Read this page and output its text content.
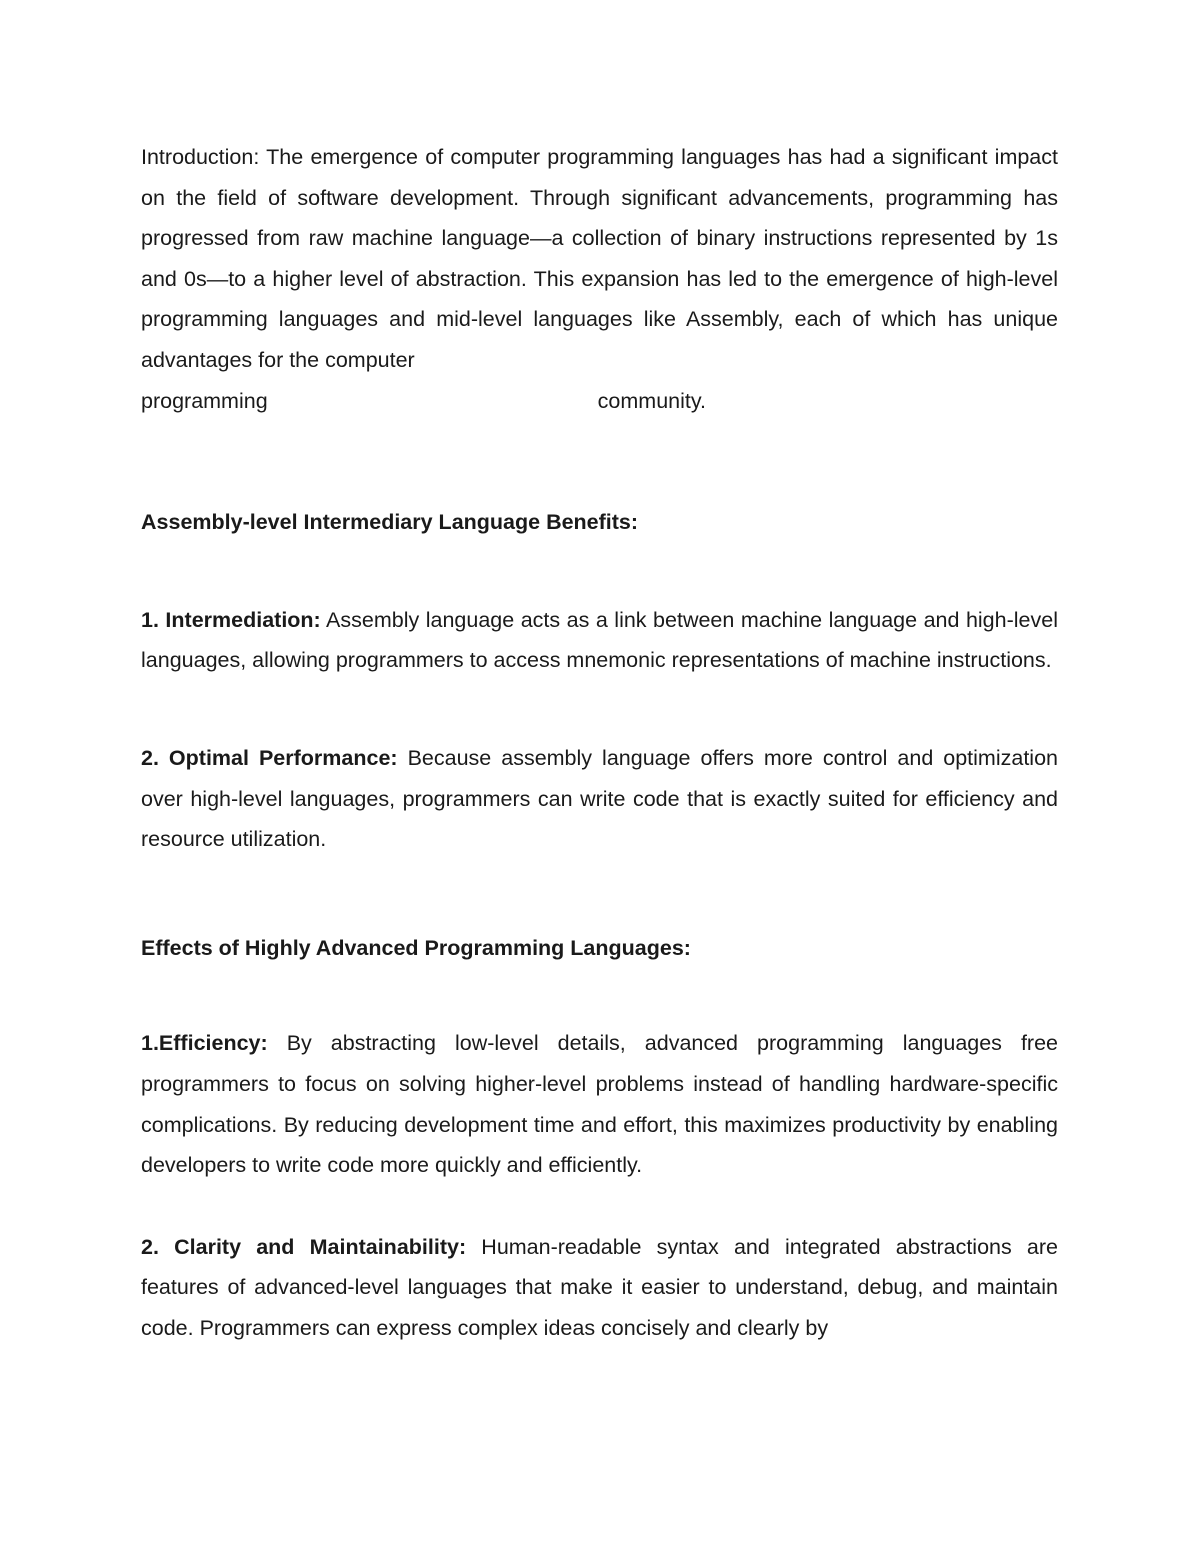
Introduction: The emergence of computer programming languages has had a significant impact on the field of software development. Through significant advancements, programming has progressed from raw machine language—a collection of binary instructions represented by 1s and 0s—to a higher level of abstraction. This expansion has led to the emergence of high-level programming languages and mid-level languages like Assembly, each of which has unique advantages for the computer

programming	community.

Assembly-level Intermediary Language Benefits:

1. Intermediation: Assembly language acts as a link between machine language and high-level languages, allowing programmers to access mnemonic representations of machine instructions.

2. Optimal Performance: Because assembly language offers more control and optimization over high-level languages, programmers can write code that is exactly suited for efficiency and resource utilization.

Effects of Highly Advanced Programming Languages:

1.Efficiency: By abstracting low-level details, advanced programming languages free programmers to focus on solving higher-level problems instead of handling hardware-specific complications. By reducing development time and effort, this maximizes productivity by enabling developers to write code more quickly and efficiently.

2. Clarity and Maintainability: Human-readable syntax and integrated abstractions are features of advanced-level languages that make it easier to understand, debug, and maintain code. Programmers can express complex ideas concisely and clearly by
